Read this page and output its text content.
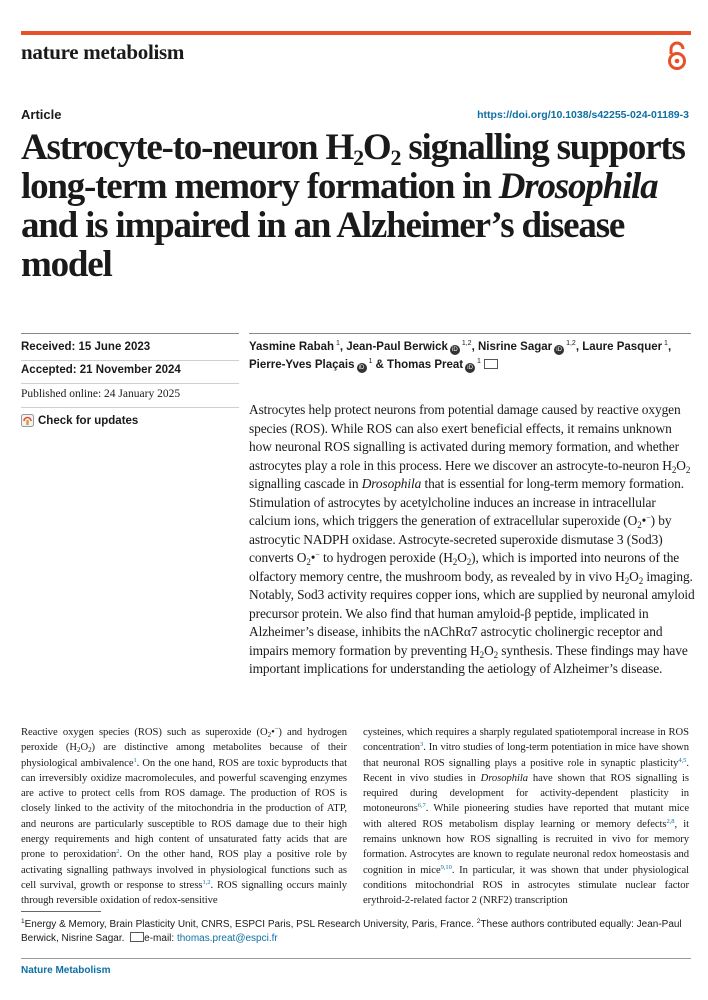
nature metabolism
Article	https://doi.org/10.1038/s42255-024-01189-3
Astrocyte-to-neuron $H_2O_2$ signalling supports long-term memory formation in Drosophila and is impaired in an Alzheimer’s disease model
Received: 15 June 2023
Accepted: 21 November 2024
Published online: 24 January 2025
Check for updates
Yasmine Rabah $^1$, Jean-Paul Berwick iD $^{1,2}$, Nisrine Sagar iD $^{1,2}$, Laure Pasquer $^1$, Pierre-Yves Plaçais iD $^1$ & Thomas Preat iD $^1$
Astrocytes help protect neurons from potential damage caused by reactive oxygen species (ROS). While ROS can also exert beneficial effects, it remains unknown how neuronal ROS signalling is activated during memory formation, and whether astrocytes play a role in this process. Here we discover an astrocyte-to-neuron $H_2O_2$ signalling cascade in Drosophila that is essential for long-term memory formation. Stimulation of astrocytes by acetylcholine induces an increase in intracellular calcium ions, which triggers the generation of extracellular superoxide $(O_2•^-)$ by astrocytic NADPH oxidase. Astrocyte-secreted superoxide dismutase 3 (Sod3) converts $O_2•^-$ to hydrogen peroxide $(H_2O_2)$, which is imported into neurons of the olfactory memory centre, the mushroom body, as revealed by in vivo $H_2O_2$ imaging. Notably, Sod3 activity requires copper ions, which are supplied by neuronal amyloid precursor protein. We also find that human amyloid-β peptide, implicated in Alzheimer’s disease, inhibits the nAChRα7 astrocytic cholinergic receptor and impairs memory formation by preventing $H_2O_2$ synthesis. These findings may have important implications for understanding the aetiology of Alzheimer’s disease.
Reactive oxygen species (ROS) such as superoxide $(O_2•^-)$ and hydrogen peroxide $(H_2O_2)$ are distinctive among metabolites because of their physiological ambivalence$^1$. On the one hand, ROS are toxic byproducts that can irreversibly oxidize macromolecules, and powerful scavenging enzymes are active to protect cells from ROS damage. The production of ROS is closely linked to the activity of the mitochondria in the production of ATP, and neurons are particularly susceptible to ROS damage due to their high energy requirements and high content of unsaturated fatty acids that are prone to peroxidation$^2$. On the other hand, ROS play a positive role by activating signalling pathways involved in physiological functions such as cell survival, growth or response to stress$^{1,2}$. ROS signalling occurs mainly through reversible oxidation of redox-sensitive
cysteines, which requires a sharply regulated spatiotemporal increase in ROS concentration$^3$. In vitro studies of long-term potentiation in mice have shown that neuronal ROS signalling plays a positive role in synaptic plasticity$^{4,5}$. Recent in vivo studies in Drosophila have shown that ROS signalling is required during development for activity-dependent plasticity in motoneurons$^{6,7}$. While pioneering studies have reported that mutant mice with altered ROS metabolism display learning or memory defects$^{2,8}$, it remains unknown how ROS signalling is recruited in vivo for memory formation. Astrocytes are known to regulate neuronal redox homeostasis and cognition in mice$^{9,10}$. In particular, it was shown that under physiological conditions mitochondrial ROS in astrocytes stimulate nuclear factor erythroid-2-related factor 2 (NRF2) transcription
$^1$Energy & Memory, Brain Plasticity Unit, CNRS, ESPCI Paris, PSL Research University, Paris, France. $^2$These authors contributed equally: Jean-Paul Berwick, Nisrine Sagar. e-mail: thomas.preat@espci.fr
Nature Metabolism
